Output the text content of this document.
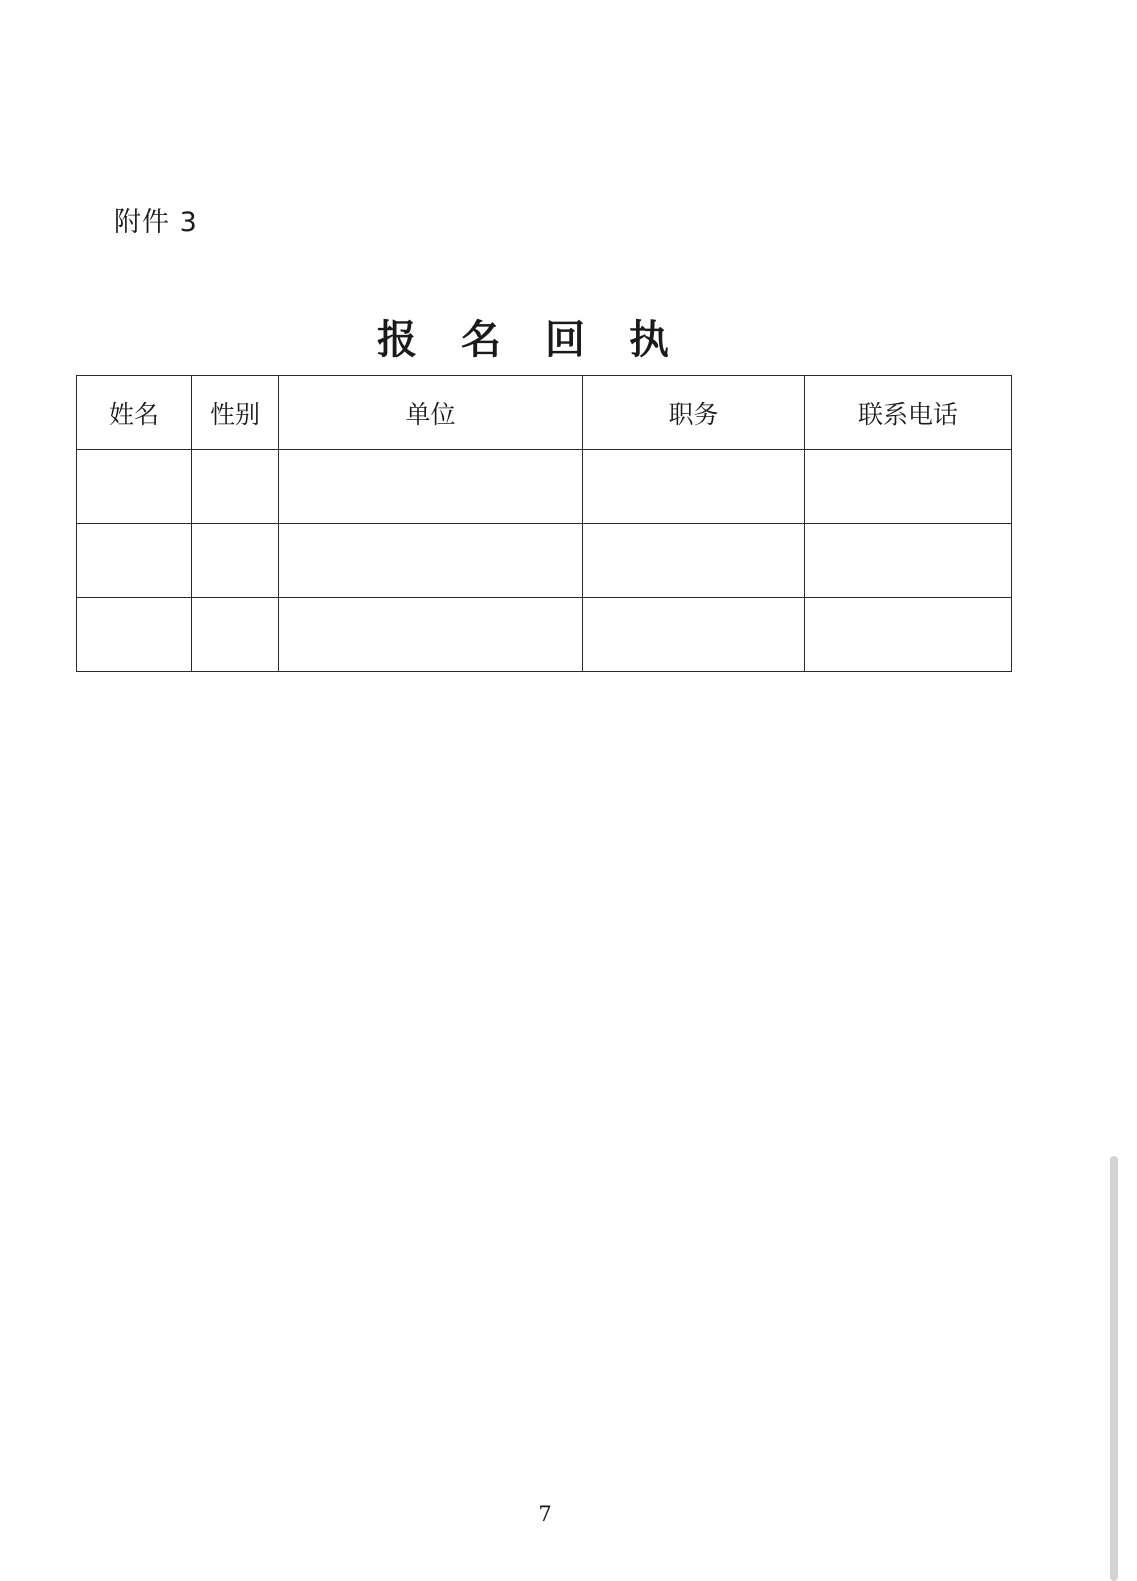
附件 3
报名回执
姓名	性别	单位	职务	联系电话

7
